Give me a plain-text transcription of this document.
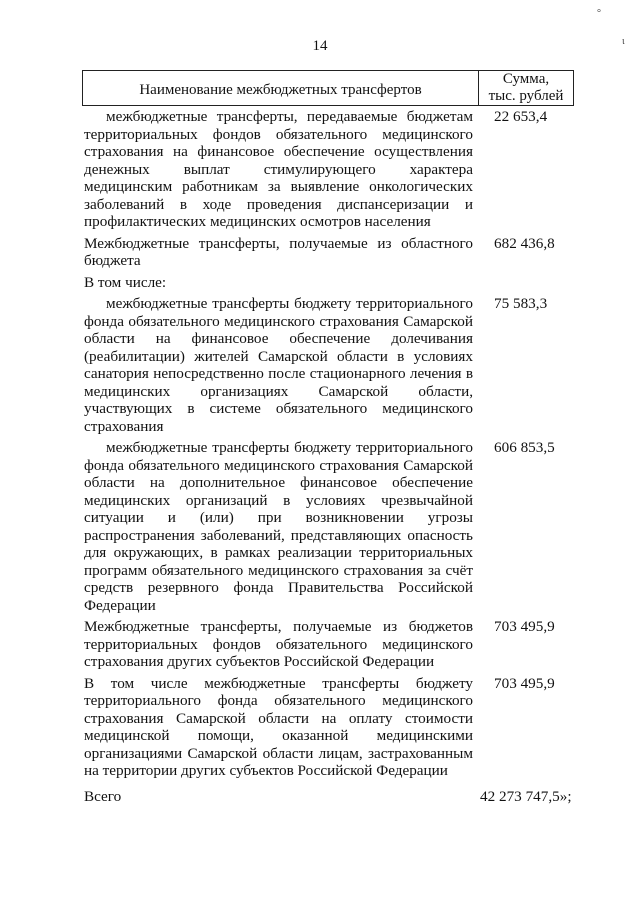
°
ɩ
14
Наименование межбюджетных трансфертов
Сумма,
тыс. рублей
межбюджетные трансферты, передаваемые бюджетам территориальных фондов обязательного медицинского страхования на финансовое обеспечение осуществления денежных выплат стимулирующего характера медицинским работникам за выявление онкологических заболеваний в ходе проведения диспансеризации и профилактических медицинских осмотров населения
22 653,4
Межбюджетные трансферты, получаемые из областного бюджета
682 436,8
В том числе:
межбюджетные трансферты бюджету территориального фонда обязательного медицинского страхования Самарской области на финансовое обеспечение долечивания (реабилитации) жителей Самарской области в условиях санатория непосредственно после стационарного лечения в медицинских организациях Самарской области, участвующих в системе обязательного медицинского страхования
75 583,3
межбюджетные трансферты бюджету территориального фонда обязательного медицинского страхования Самарской области на дополнительное финансовое обеспечение медицинских организаций в условиях чрезвычайной ситуации и (или) при возникновении угрозы распространения заболеваний, представляющих опасность для окружающих, в рамках реализации территориальных программ обязательного медицинского страхования за счёт средств резервного фонда Правительства Российской Федерации
606 853,5
Межбюджетные трансферты, получаемые из бюджетов территориальных фондов обязательного медицинского страхования других субъектов Российской Федерации
703 495,9
В том числе межбюджетные трансферты бюджету территориального фонда обязательного медицинского страхования Самарской области на оплату стоимости медицинской помощи, оказанной медицинскими организациями Самарской области лицам, застрахованным на территории других субъектов Российской Федерации
703 495,9
Всего	42 273 747,5»;
